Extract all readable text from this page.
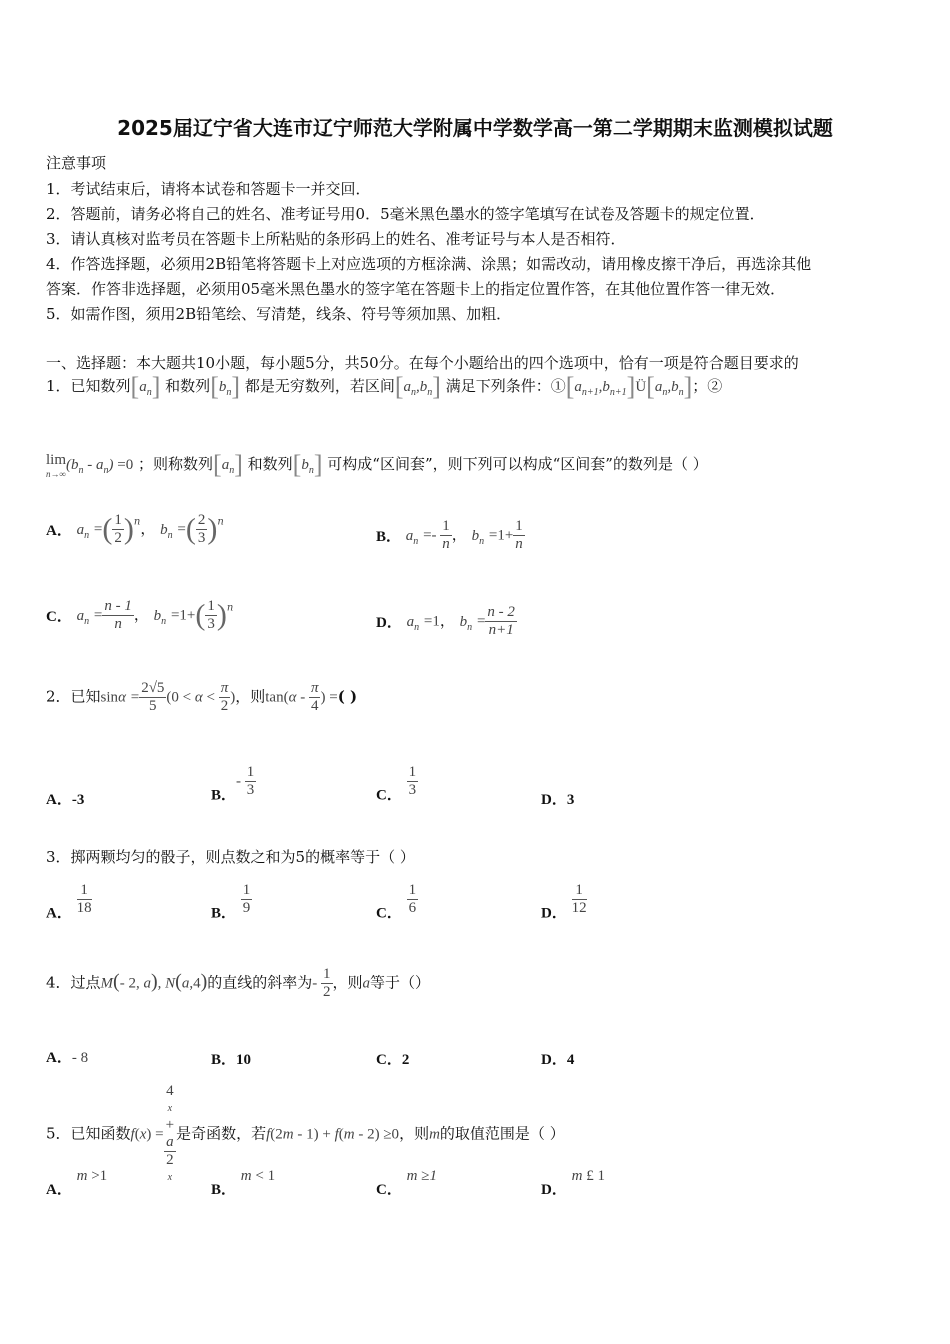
2025届辽宁省大连市辽宁师范大学附属中学数学高一第二学期期末监测模拟试题
注意事项
1．考试结束后，请将本试卷和答题卡一并交回．
2．答题前，请务必将自己的姓名、准考证号用0．5毫米黑色墨水的签字笔填写在试卷及答题卡的规定位置．
3．请认真核对监考员在答题卡上所粘贴的条形码上的姓名、准考证号与本人是否相符．
4．作答选择题，必须用2B铅笔将答题卡上对应选项的方框涂满、涂黑；如需改动，请用橡皮擦干净后，再选涂其他
答案．作答非选择题，必须用05毫米黑色墨水的签字笔在答题卡上的指定位置作答，在其他位置作答一律无效．
5．如需作图，须用2B铅笔绘、写清楚，线条、符号等须加黑、加粗．
一、选择题：本大题共10小题，每小题5分，共50分。在每个小题给出的四个选项中，恰有一项是符合题目要求的
1．已知数列$[a_n]$ 和数列$[b_n]$ 都是无穷数列，若区间$[a_n,b_n]$ 满足下列条件：$①[a_{n+1},b_{n+1}]Ü[a_n,b_n]$；②
lim
n→∞
$(b_n - a_n) =0$ ；则称数列$[a_n]$ 和数列$[b_n]$ 可构成“区间套”，则下列可以构成“区间套”的数列是（ ）
A． $a_n$ =( $\frac{1}{2} )^n$， $b_n$ =( $\frac{2}{3} )^n$
B． $a_n =- \frac{1}{n}$ ， $b_n =1+ \frac{1}{n}$
C． $a_n = \frac{n - 1}{n}$ ， $b_n =1+( \frac{1}{3} )^n$
D． $a_n =1$， $b_n = \frac{n - 2}{n+1}$
2．已知$\sin\alpha = \frac{2√5}{5} (0 < \alpha < \frac{\pi}{2}$ )，则$\tan(\alpha - \frac{\pi}{4}$ ) =( )
A．-3	B．- $\frac{1}{3}$	C． $\frac{1}{3}$
D．3
3．掷两颗均匀的骰子，则点数之和为5的概率等于（ ）
A． $\frac{1}{18}$	B． $\frac{1}{9}$	C． $\frac{1}{6}$	D． $\frac{1}{12}$
4．过点M(- 2, a), N(a,4)的直线的斜率为- $\frac{1}{2}$ ，则a等于（）
A．- 8	B．10	C．2	D．4
5．已知函数f(x) = 4
x
+
a
2
x 是奇函数，若f(2m - 1) + f(m - 2) ≥0，则m的取值范围是（ ）
A． m >1
B． m < 1
C． m ≥1
D． m £ 1
